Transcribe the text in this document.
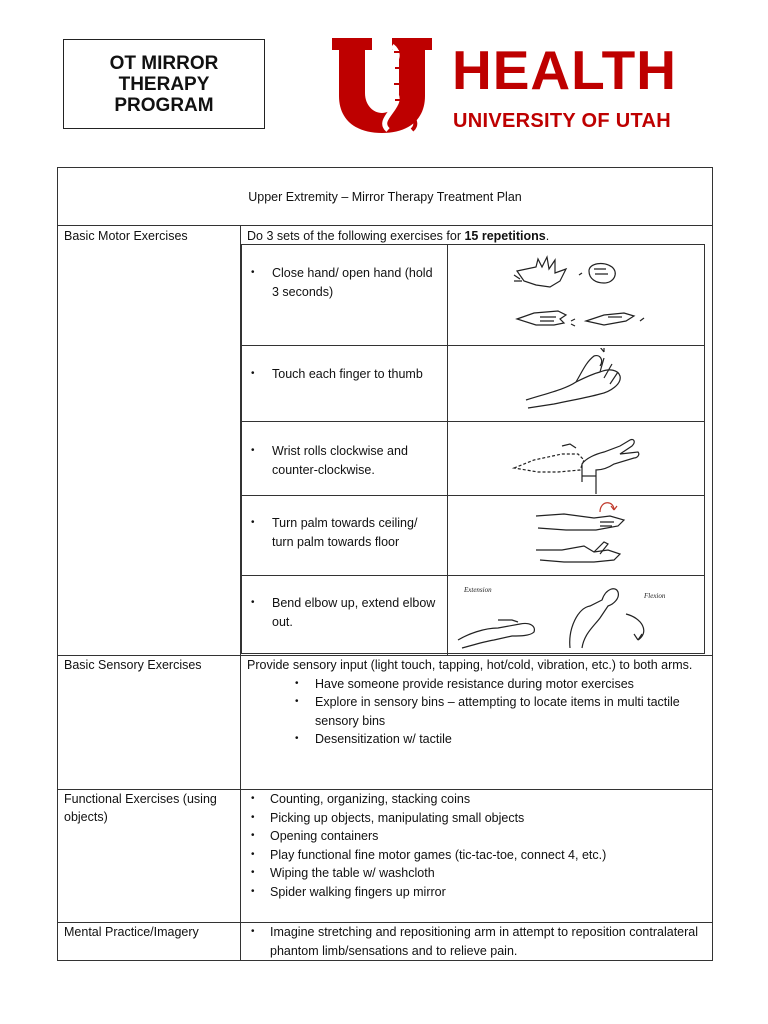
OT MIRROR
THERAPY
PROGRAM
HEALTH
UNIVERSITY OF UTAH
Upper Extremity – Mirror Therapy Treatment Plan
Basic Motor Exercises	Do 3 sets of the following exercises for 15 repetitions.
• Close hand/ open hand (hold 3 seconds)
• Touch each finger to thumb
• Wrist rolls clockwise and counter-clockwise.
• Turn palm towards ceiling/ turn palm towards floor
• Bend elbow up, extend elbow out.
Extension
Flexion
Basic Sensory Exercises	Provide sensory input (light touch, tapping, hot/cold, vibration, etc.) to both arms.
• Have someone provide resistance during motor exercises
• Explore in sensory bins – attempting to locate items in multi tactile sensory bins
• Desensitization w/ tactile
Functional Exercises (using objects)
• Counting, organizing, stacking coins
• Picking up objects, manipulating small objects
• Opening containers
• Play functional fine motor games (tic-tac-toe, connect 4, etc.)
• Wiping the table w/ washcloth
• Spider walking fingers up mirror
Mental Practice/Imagery
•	Imagine stretching and repositioning arm in attempt to reposition contralateral phantom limb/sensations and to relieve pain.
